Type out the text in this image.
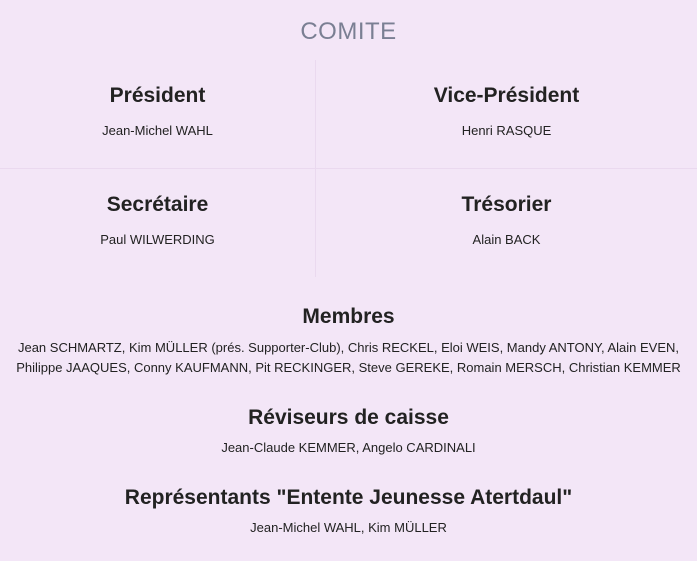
COMITE
Président
Jean-Michel WAHL
Vice-Président
Henri RASQUE
Secrétaire
Paul WILWERDING
Trésorier
Alain BACK
Membres
Jean SCHMARTZ, Kim MÜLLER (prés. Supporter-Club), Chris RECKEL, Eloi WEIS, Mandy ANTONY, Alain EVEN, Philippe JAAQUES, Conny KAUFMANN, Pit RECKINGER, Steve GEREKE, Romain MERSCH, Christian KEMMER
Réviseurs de caisse
Jean-Claude KEMMER, Angelo CARDINALI
Représentants "Entente Jeunesse Atertdaul"
Jean-Michel WAHL, Kim MÜLLER
